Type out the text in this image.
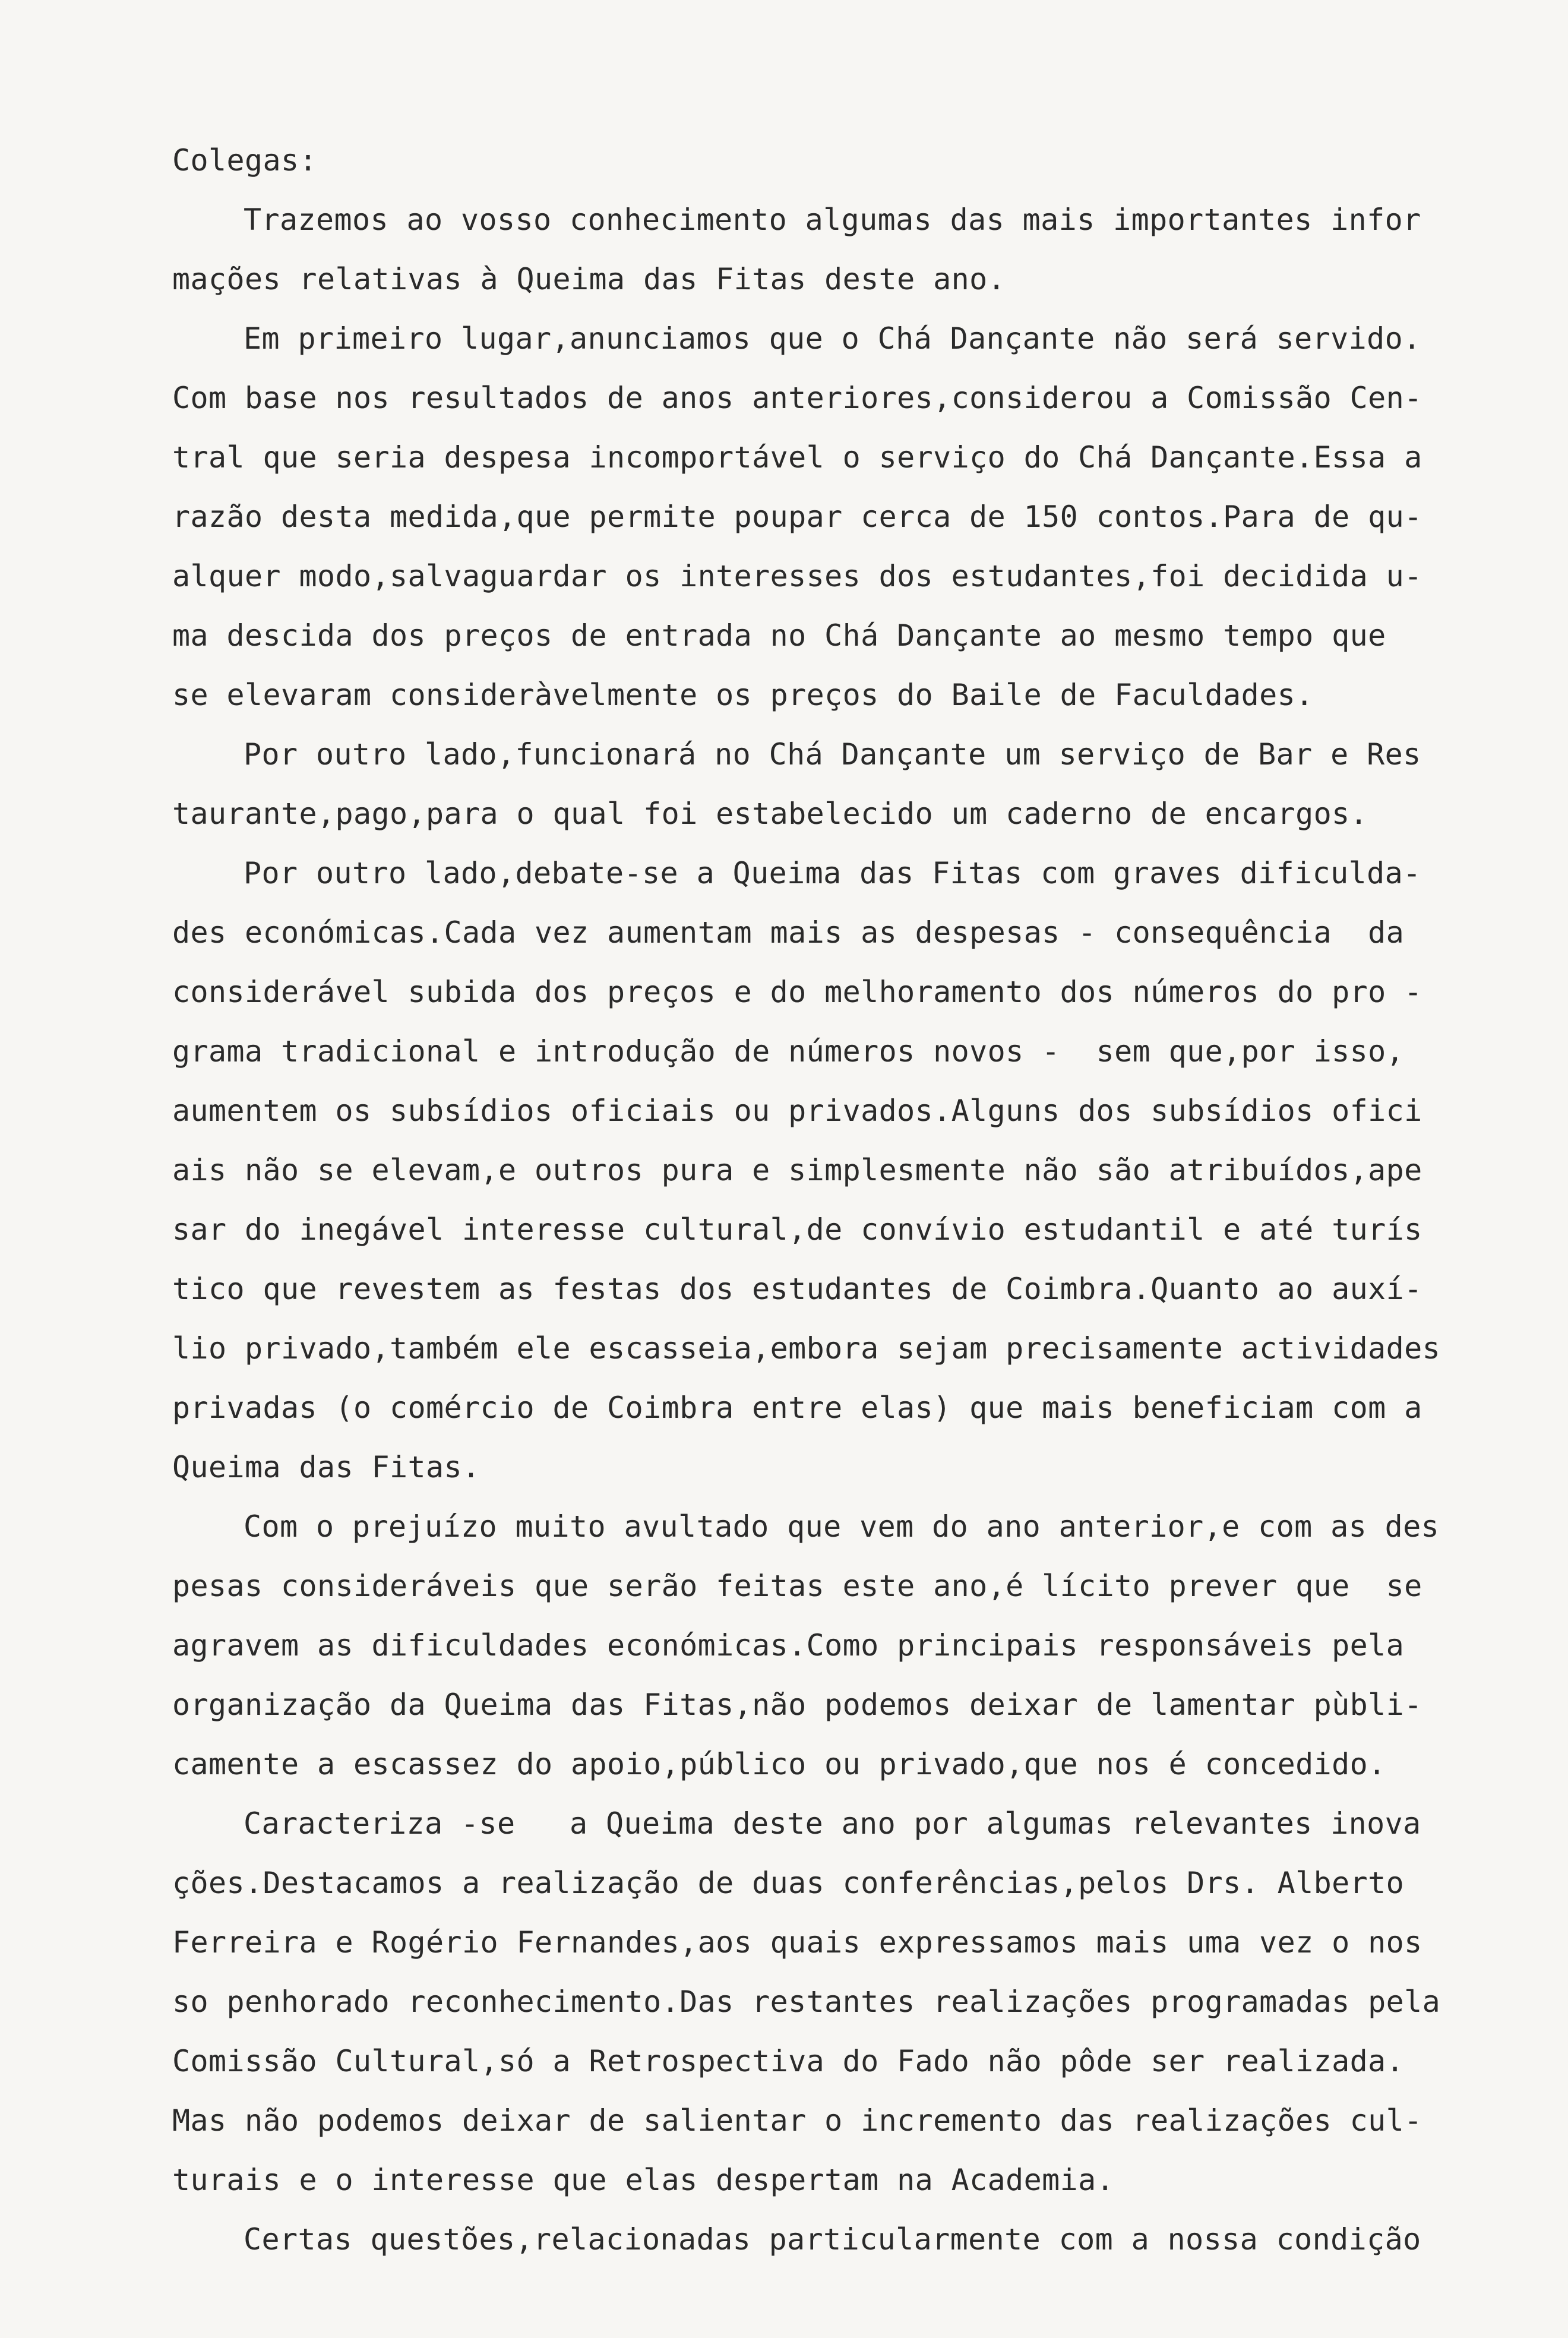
Colegas:
Trazemos ao vosso conhecimento algumas das mais importantes infor
mações relativas à Queima das Fitas deste ano.
Em primeiro lugar,anunciamos que o Chá Dançante não será servido.
Com base nos resultados de anos anteriores,considerou a Comissão Cen-
tral que seria despesa incomportável o serviço do Chá Dançante.Essa a
razão desta medida,que permite poupar cerca de 150 contos.Para de qu-
alquer modo,salvaguardar os interesses dos estudantes,foi decidida u-
ma descida dos preços de entrada no Chá Dançante ao mesmo tempo que
se elevaram consideràvelmente os preços do Baile de Faculdades.
Por outro lado,funcionará no Chá Dançante um serviço de Bar e Res
taurante,pago,para o qual foi estabelecido um caderno de encargos.
Por outro lado,debate-se a Queima das Fitas com graves dificulda-
des económicas.Cada vez aumentam mais as despesas - consequência  da
considerável subida dos preços e do melhoramento dos números do pro -
grama tradicional e introdução de números novos -  sem que,por isso,
aumentem os subsídios oficiais ou privados.Alguns dos subsídios ofici
ais não se elevam,e outros pura e simplesmente não são atribuídos,ape
sar do inegável interesse cultural,de convívio estudantil e até turís
tico que revestem as festas dos estudantes de Coimbra.Quanto ao auxí-
lio privado,também ele escasseia,embora sejam precisamente actividades
privadas (o comércio de Coimbra entre elas) que mais beneficiam com a
Queima das Fitas.
Com o prejuízo muito avultado que vem do ano anterior,e com as des
pesas consideráveis que serão feitas este ano,é lícito prever que  se
agravem as dificuldades económicas.Como principais responsáveis pela
organização da Queima das Fitas,não podemos deixar de lamentar pùbli-
camente a escassez do apoio,público ou privado,que nos é concedido.
Caracteriza -se   a Queima deste ano por algumas relevantes inova
ções.Destacamos a realização de duas conferências,pelos Drs. Alberto
Ferreira e Rogério Fernandes,aos quais expressamos mais uma vez o nos
so penhorado reconhecimento.Das restantes realizações programadas pela
Comissão Cultural,só a Retrospectiva do Fado não pôde ser realizada.
Mas não podemos deixar de salientar o incremento das realizações cul-
turais e o interesse que elas despertam na Academia.
Certas questões,relacionadas particularmente com a nossa condição
